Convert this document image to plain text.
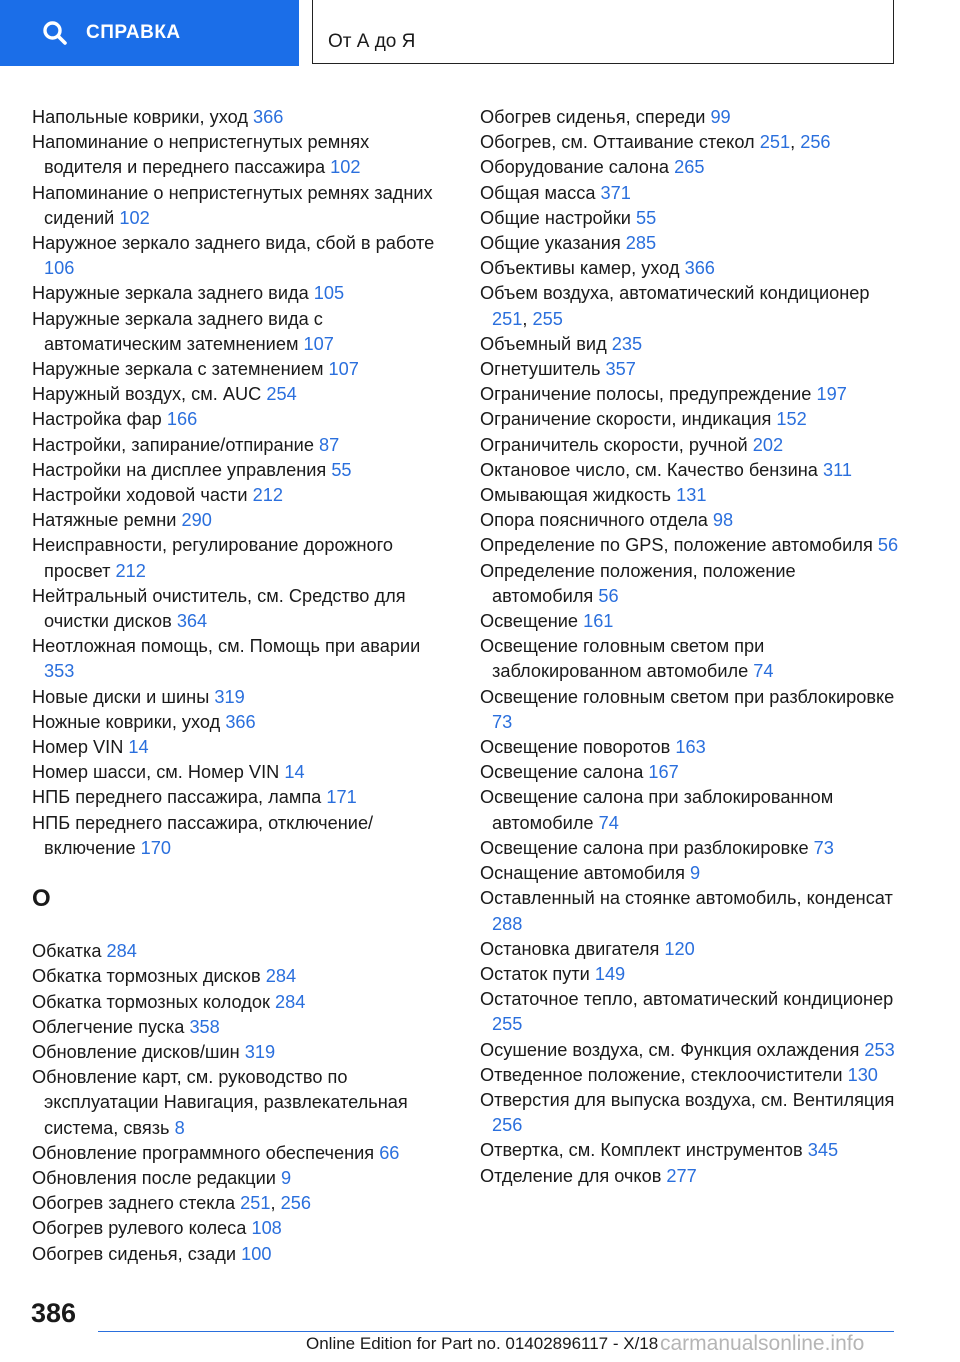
СПРАВКА	От А до Я
Напольные коврики, уход 366
Напоминание о непристегнутых ремнях водителя и переднего пассажира 102
Напоминание о непристегнутых ремнях задних сидений 102
Наружное зеркало заднего вида, сбой в работе 106
Наружные зеркала заднего вида 105
Наружные зеркала заднего вида с автоматическим затемнением 107
Наружные зеркала с затемнением 107
Наружный воздух, см. AUC 254
Настройка фар 166
Настройки, запирание/отпирание 87
Настройки на дисплее управления 55
Настройки ходовой части 212
Натяжные ремни 290
Неисправности, регулирование дорожного просвет 212
Нейтральный очиститель, см. Средство для очистки дисков 364
Неотложная помощь, см. Помощь при аварии 353
Новые диски и шины 319
Ножные коврики, уход 366
Номер VIN 14
Номер шасси, см. Номер VIN 14
НПБ переднего пассажира, лампа 171
НПБ переднего пассажира, отключение/включение 170
О
Обкатка 284
Обкатка тормозных дисков 284
Обкатка тормозных колодок 284
Облегчение пуска 358
Обновление дисков/шин 319
Обновление карт, см. руководство по эксплуатации Навигация, развлекательная система, связь 8
Обновление программного обеспечения 66
Обновления после редакции 9
Обогрев заднего стекла 251, 256
Обогрев рулевого колеса 108
Обогрев сиденья, сзади 100
Обогрев сиденья, спереди 99
Обогрев, см. Оттаивание стекол 251, 256
Оборудование салона 265
Общая масса 371
Общие настройки 55
Общие указания 285
Объективы камер, уход 366
Объем воздуха, автоматический кондиционер 251, 255
Объемный вид 235
Огнетушитель 357
Ограничение полосы, предупреждение 197
Ограничение скорости, индикация 152
Ограничитель скорости, ручной 202
Октановое число, см. Качество бензина 311
Омывающая жидкость 131
Опора поясничного отдела 98
Определение по GPS, положение автомобиля 56
Определение положения, положение автомобиля 56
Освещение 161
Освещение головным светом при заблокированном автомобиле 74
Освещение головным светом при разблокировке 73
Освещение поворотов 163
Освещение салона 167
Освещение салона при заблокированном автомобиле 74
Освещение салона при разблокировке 73
Оснащение автомобиля 9
Оставленный на стоянке автомобиль, конденсат 288
Остановка двигателя 120
Остаток пути 149
Остаточное тепло, автоматический кондиционер 255
Осушение воздуха, см. Функция охлаждения 253
Отведенное положение, стеклоочистители 130
Отверстия для выпуска воздуха, см. Вентиляция 256
Отвертка, см. Комплект инструментов 345
Отделение для очков 277
386
Online Edition for Part no. 01402896117 - X/18 carmanualsonline.info
